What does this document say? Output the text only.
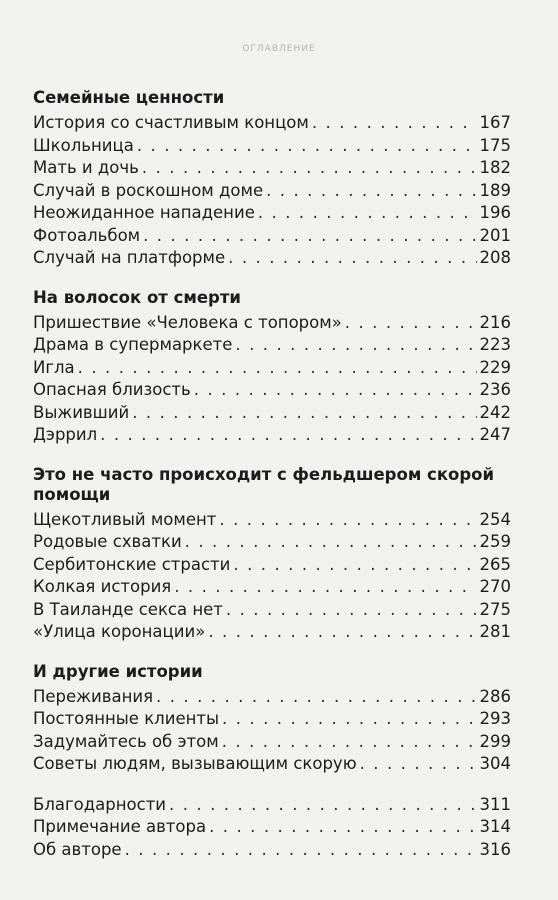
ОГЛАВЛЕНИЕ
Семейные ценности
История со счастливым концом . . .	167
Школьница . . .	175
Мать и дочь . . .	182
Случай в роскошном доме . . .	189
Неожиданное нападение . . .	196
Фотоальбом . . .	201
Случай на платформе . . .	208
На волосок от смерти
Пришествие «Человека с топором» . . .	216
Драма в супермаркете . . .	223
Игла . . .	229
Опасная близость . . .	236
Выживший . . .	242
Дэррил . . .	247
Это не часто происходит с фельдшером скорой помощи
Щекотливый момент . . .	254
Родовые схватки . . .	259
Сербитонские страсти . . .	265
Колкая история . . .	270
В Таиланде секса нет . . .	275
«Улица коронации» . . .	281
И другие истории
Переживания . . .	286
Постоянные клиенты . . .	293
Задумайтесь об этом . . .	299
Советы людям, вызывающим скорую . . .	304
Благодарности . . .	311
Примечание автора . . .	314
Об авторе . . .	316
